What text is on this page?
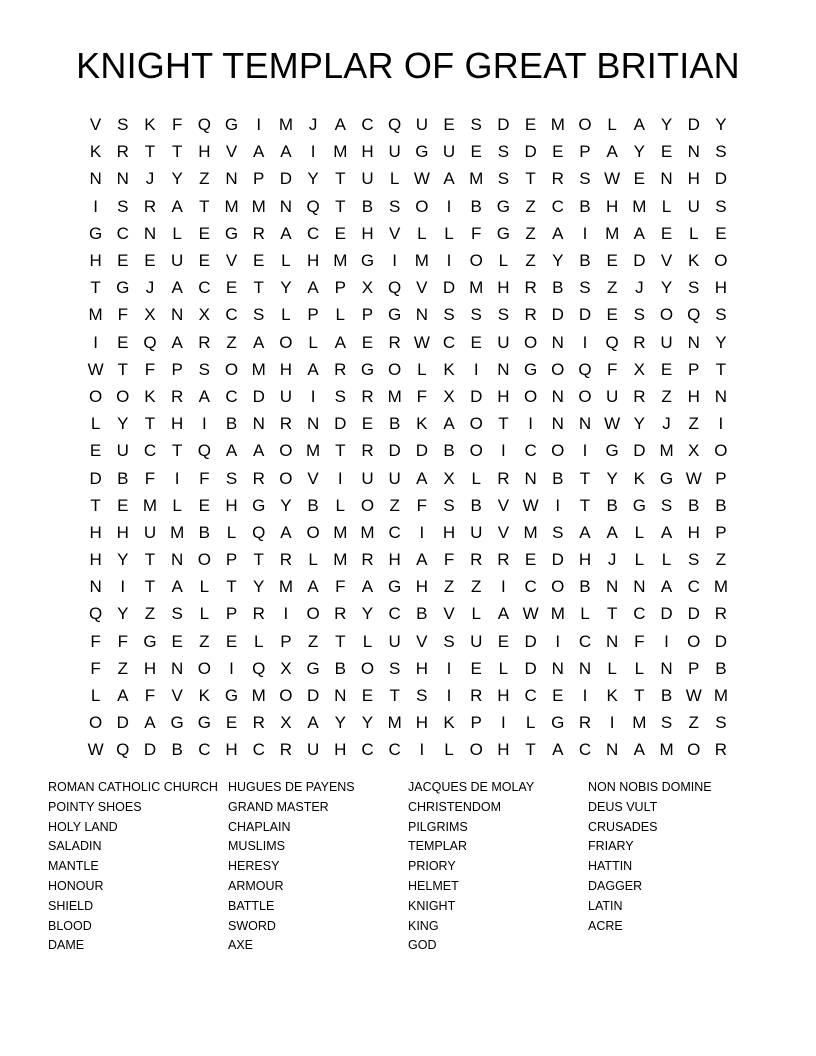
KNIGHT TEMPLAR OF GREAT BRITIAN
V S K F Q G	I	M J	A C Q U E S D E M O L A Y D Y
K R T T H V A A	I	M H U G U E S D E P A Y E N S
N N J	Y Z N P D Y T U L W A M S T R S W E N H D
I	S R A T M M N Q T B S O	I	B G Z C B H M L U S
G C N L E G R A C E H V L	L	F G Z A	I	M A E L E
H E E U E V E L H M G	I	M	I	O L	Z Y B E D V K O
T G J	A C E T Y A P X Q V D M H R B S Z	J	Y S H
M F X N X C S L P L P G N S S S R D D E S O Q S
I	E Q A R Z A O L A E R W C E U O N	I	Q R U N Y
W T F P S O M H A R G O L K	I	N G O Q F X E P T
O O K R A C D U	I	S R M F X D H O N O U R Z H N
L Y T H	I	B N R N D E B K A O T	I	N N W Y	J	Z	I
E U C T Q A A O M T R D D B O	I	C O	I	G D M X O
D B F	I	F S R O V	I	U U A X L R N B T Y K G W P
T E M L E H G Y B L O Z F S B V W I	T B G S B B
H H U M B L Q A O M M C	I	H U V M S A A L A H P
H Y T N O P T R L M R H A F R R E D H J	L	L S Z
N	I	T A L	T Y M A F A G H Z Z	I	C O B N N A C M
Q Y Z S L P R	I	O R Y C B V L A W M L	T C D D R
F F G E Z E L P Z T	L U V S U E D	I	C N F	I	O D
F Z H N O	I	Q X G B O S H	I	E L D N N L	L N P B
L A F V K G M O D N E T S	I	R H C E	I	K T B W M
O D A G G E R X A Y Y M H K P	I	L G R	I	M S Z S
W Q D B C H C R U H C C	I	L O H T A C N A M O R
ROMAN CATHOLIC CHURCH
POINTY SHOES
HOLY LAND
SALADIN
MANTLE
HONOUR
SHIELD
BLOOD
DAME
HUGUES DE PAYENS
GRAND MASTER
CHAPLAIN
MUSLIMS
HERESY
ARMOUR
BATTLE
SWORD
AXE
JACQUES DE MOLAY
CHRISTENDOM
PILGRIMS
TEMPLAR
PRIORY
HELMET
KNIGHT
KING
GOD
NON NOBIS DOMINE
DEUS VULT
CRUSADES
FRIARY
HATTIN
DAGGER
LATIN
ACRE
